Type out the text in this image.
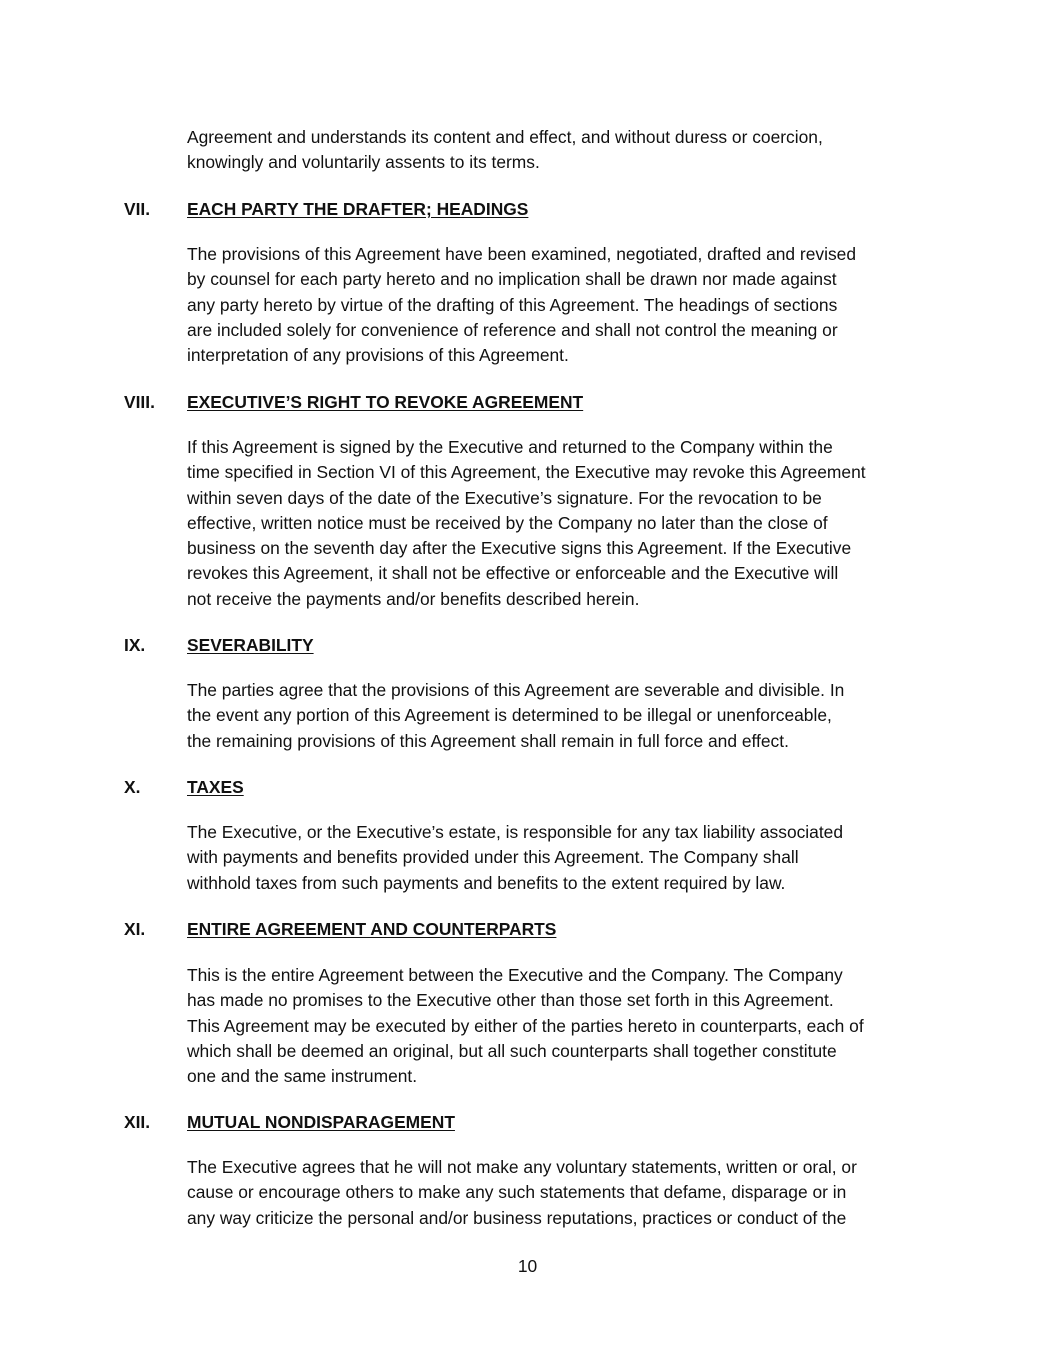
Agreement and understands its content and effect, and without duress or coercion,
knowingly and voluntarily assents to its terms.

VII. EACH PARTY THE DRAFTER; HEADINGS

The provisions of this Agreement have been examined, negotiated, drafted and revised
by counsel for each party hereto and no implication shall be drawn nor made against
any party hereto by virtue of the drafting of this Agreement. The headings of sections
are included solely for convenience of reference and shall not control the meaning or
interpretation of any provisions of this Agreement.

VIII. EXECUTIVE’S RIGHT TO REVOKE AGREEMENT

If this Agreement is signed by the Executive and returned to the Company within the
time specified in Section VI of this Agreement, the Executive may revoke this Agreement
within seven days of the date of the Executive’s signature. For the revocation to be
effective, written notice must be received by the Company no later than the close of
business on the seventh day after the Executive signs this Agreement. If the Executive
revokes this Agreement, it shall not be effective or enforceable and the Executive will
not receive the payments and/or benefits described herein.

IX. SEVERABILITY

The parties agree that the provisions of this Agreement are severable and divisible. In
the event any portion of this Agreement is determined to be illegal or unenforceable,
the remaining provisions of this Agreement shall remain in full force and effect.

X.	TAXES

The Executive, or the Executive’s estate, is responsible for any tax liability associated
with payments and benefits provided under this Agreement. The Company shall
withhold taxes from such payments and benefits to the extent required by law.

XI. ENTIRE AGREEMENT AND COUNTERPARTS

This is the entire Agreement between the Executive and the Company. The Company
has made no promises to the Executive other than those set forth in this Agreement.
This Agreement may be executed by either of the parties hereto in counterparts, each of
which shall be deemed an original, but all such counterparts shall together constitute
one and the same instrument.

XII. MUTUAL NONDISPARAGEMENT

The Executive agrees that he will not make any voluntary statements, written or oral, or
cause or encourage others to make any such statements that defame, disparage or in
any way criticize the personal and/or business reputations, practices or conduct of the

10
